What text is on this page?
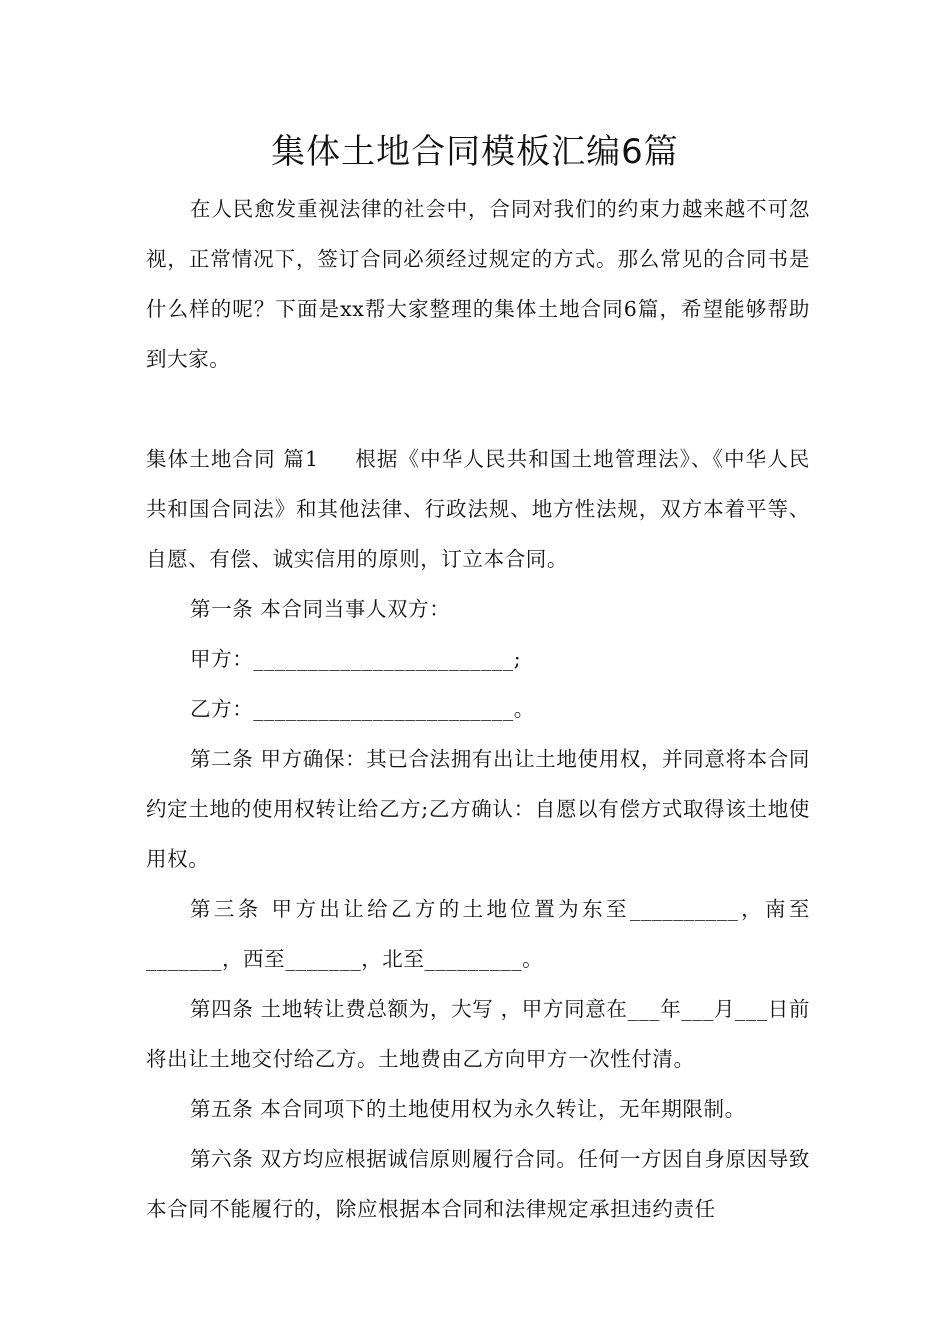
集体土地合同模板汇编6篇

在人民愈发重视法律的社会中，合同对我们的约束力越来越不可忽视，正常情况下，签订合同必须经过规定的方式。那么常见的合同书是什么样的呢？下面是xx帮大家整理的集体土地合同6篇，希望能够帮助到大家。

集体土地合同 篇1 根据《中华人民共和国土地管理法》、《中华人民共和国合同法》和其他法律、行政法规、地方性法规，双方本着平等、自愿、有偿、诚实信用的原则，订立本合同。

第一条 本合同当事人双方：

甲方：________________________;

乙方：________________________。

第二条 甲方确保：其已合法拥有出让土地使用权，并同意将本合同约定土地的使用权转让给乙方;乙方确认：自愿以有偿方式取得该土地使用权。

第三条 甲方出让给乙方的土地位置为东至__________，南至_______，西至_______，北至_________。

第四条 土地转让费总额为，大写 ，甲方同意在___年___月___日前将出让土地交付给乙方。土地费由乙方向甲方一次性付清。

第五条 本合同项下的土地使用权为永久转让，无年期限制。

第六条 双方均应根据诚信原则履行合同。任何一方因自身原因导致本合同不能履行的，除应根据本合同和法律规定承担违约责任
